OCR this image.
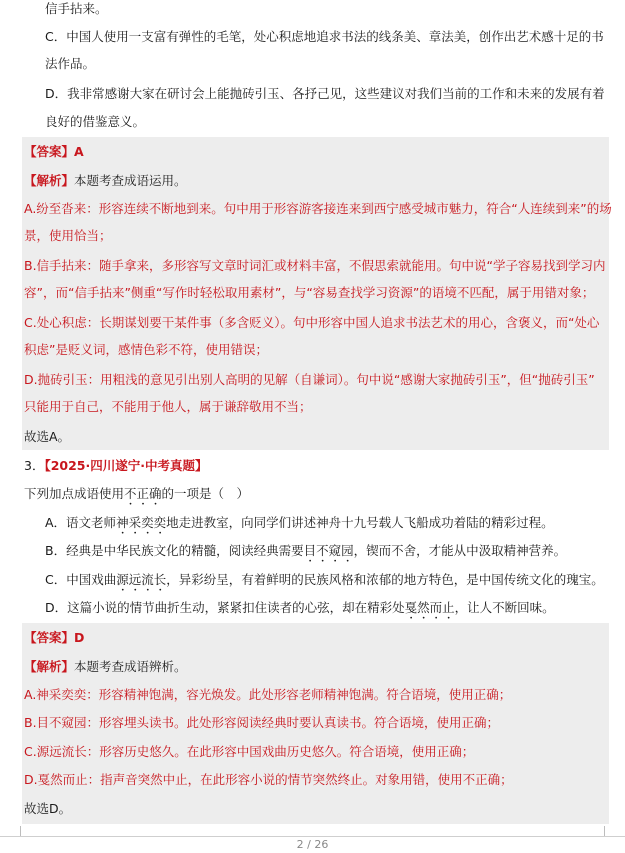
信手拈来。
C．中国人使用一支富有弹性的毛笔，处心积虑地追求书法的线条美、章法美，创作出艺术感十足的书
法作品。
D．我非常感谢大家在研讨会上能抛砖引玉、各抒己见，这些建议对我们当前的工作和未来的发展有着
良好的借鉴意义。
【答案】A
【解析】本题考查成语运用。
A.纷至沓来：形容连续不断地到来。句中用于形容游客接连来到西宁感受城市魅力，符合“人连续到来”的场
景，使用恰当；
B.信手拈来：随手拿来，多形容写文章时词汇或材料丰富，不假思索就能用。句中说“学子容易找到学习内
容”，而“信手拈来”侧重“写作时轻松取用素材”，与“容易查找学习资源”的语境不匹配，属于用错对象；
C.处心积虑：长期谋划要干某件事（多含贬义）。句中形容中国人追求书法艺术的用心，含褒义，而“处心
积虑”是贬义词，感情色彩不符，使用错误；
D.抛砖引玉：用粗浅的意见引出别人高明的见解（自谦词）。句中说“感谢大家抛砖引玉”，但“抛砖引玉”
只能用于自己，不能用于他人，属于谦辞敬用不当；
故选A。
3．【2025·四川遂宁·中考真题】
下列加点成语使用不正确的一项是（　）
A．语文老师神采奕奕地走进教室，向同学们讲述神舟十九号载人飞船成功着陆的精彩过程。
B．经典是中华民族文化的精髓，阅读经典需要目不窥园，锲而不舍，才能从中汲取精神营养。
C．中国戏曲源远流长，异彩纷呈，有着鲜明的民族风格和浓郁的地方特色，是中国传统文化的瑰宝。
D．这篇小说的情节曲折生动，紧紧扣住读者的心弦，却在精彩处戛然而止，让人不断回味。
【答案】D
【解析】本题考查成语辨析。
A.神采奕奕：形容精神饱满，容光焕发。此处形容老师精神饱满。符合语境，使用正确；
B.目不窥园：形容埋头读书。此处形容阅读经典时要认真读书。符合语境，使用正确；
C.源远流长：形容历史悠久。在此形容中国戏曲历史悠久。符合语境，使用正确；
D.戛然而止：指声音突然中止，在此形容小说的情节突然终止。对象用错，使用不正确；
故选D。
2 / 26
